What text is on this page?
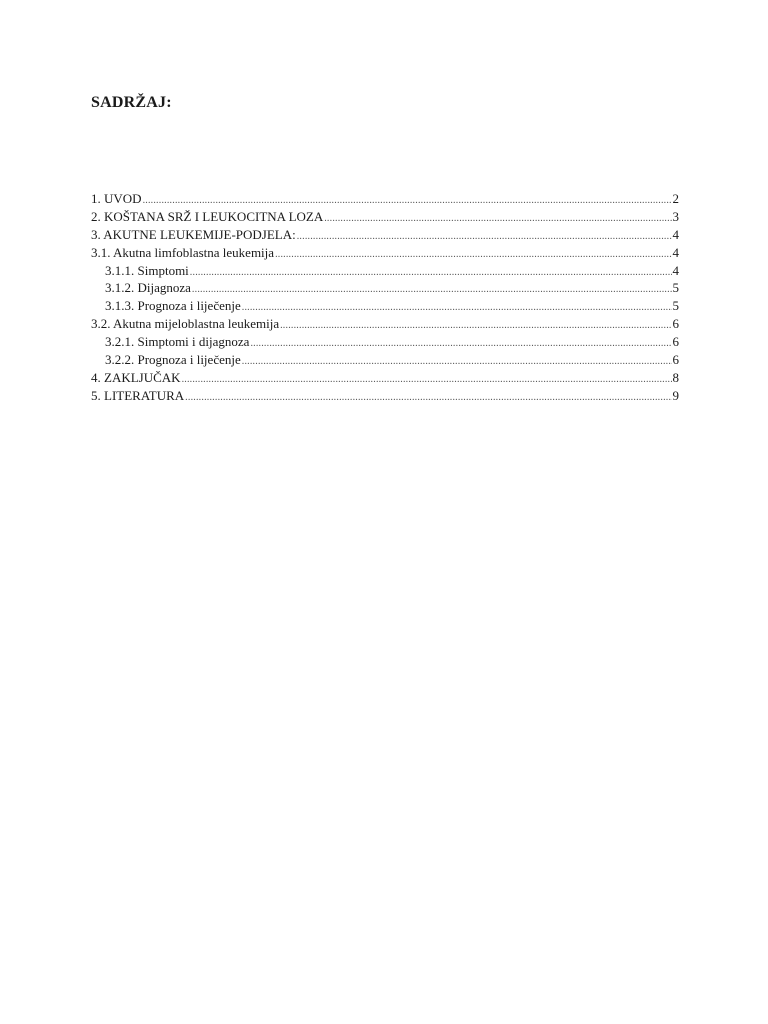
SADRŽAJ:
1. UVOD .....	2
2. KOŠTANA SRŽ I LEUKOCITNA LOZA .....	3
3. AKUTNE LEUKEMIJE-PODJELA: .....	4
3.1. Akutna limfoblastna leukemija .....	4
3.1.1. Simptomi .....	4
3.1.2. Dijagnoza .....	5
3.1.3. Prognoza i liječenje .....	5
3.2. Akutna mijeloblastna leukemija .....	6
3.2.1. Simptomi i dijagnoza .....	6
3.2.2. Prognoza i liječenje .....	6
4. ZAKLJUČAK .....	8
5. LITERATURA .....	9
